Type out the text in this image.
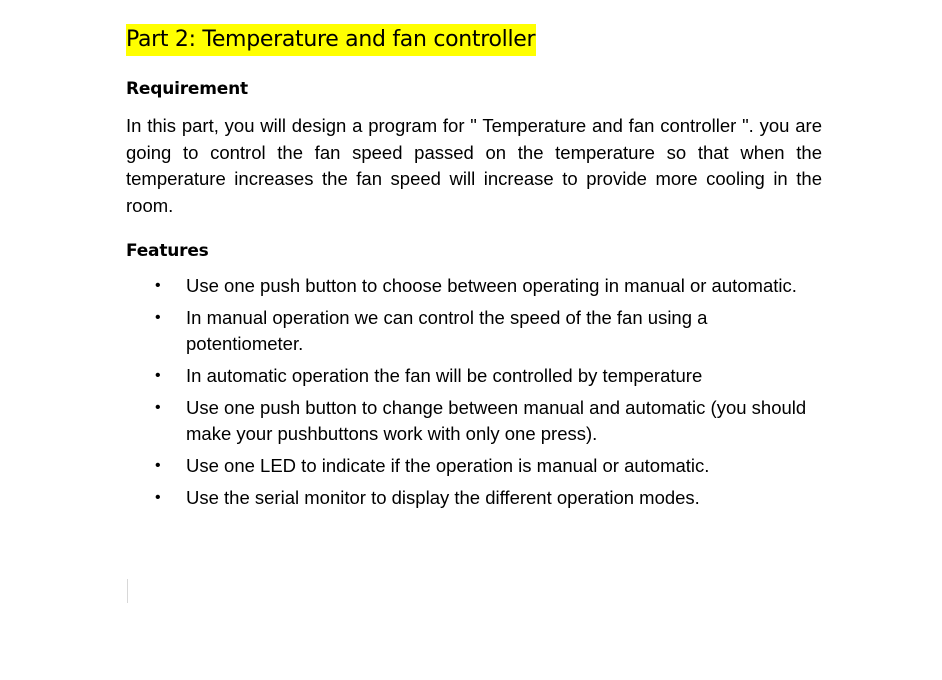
Part 2: Temperature and fan controller
Requirement

In this part, you will design a program for " Temperature and fan controller ". you are going to control the fan speed passed on the temperature so that when the temperature increases the fan speed will increase to provide more cooling in the room.

Features
• Use one push button to choose between operating in manual or automatic.
• In manual operation we can control the speed of the fan using a potentiometer.
• In automatic operation the fan will be controlled by temperature
• Use one push button to change between manual and automatic (you should make your pushbuttons work with only one press).
• Use one LED to indicate if the operation is manual or automatic.
• Use the serial monitor to display the different operation modes.
